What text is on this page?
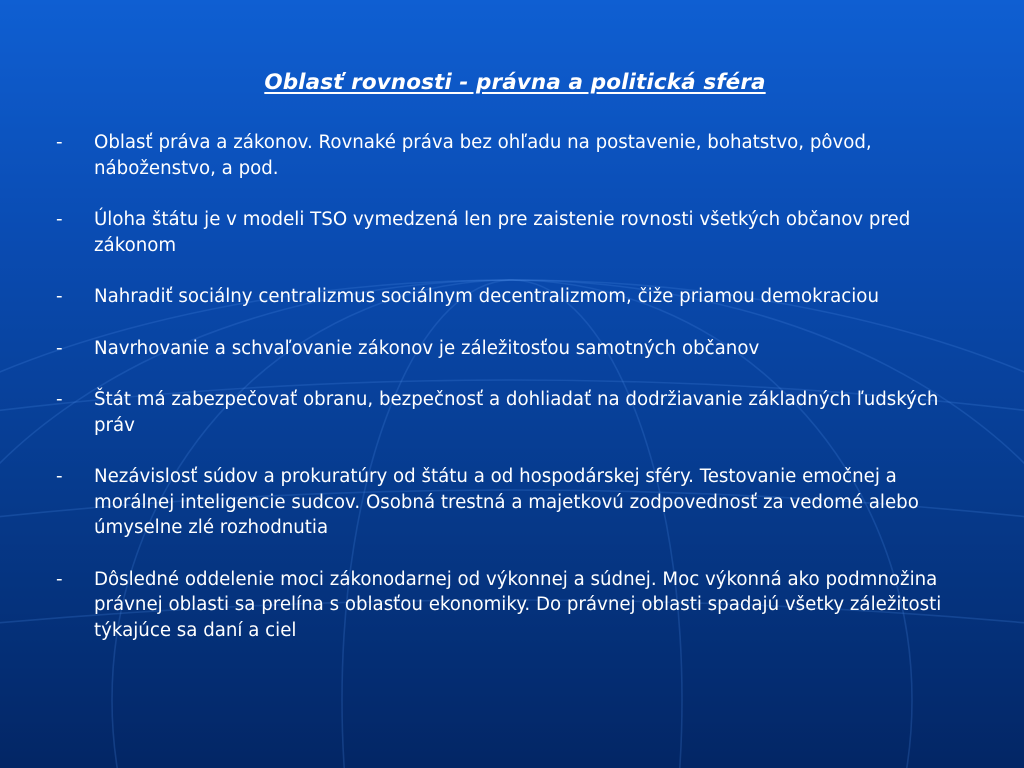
Oblasť rovnosti - právna a politická sféra
-	Oblasť práva a zákonov. Rovnaké práva bez ohľadu na postavenie, bohatstvo, pôvod, náboženstvo, a pod.
-	Úloha štátu je v modeli TSO vymedzená len pre zaistenie rovnosti všetkých občanov pred zákonom
-	Nahradiť sociálny centralizmus sociálnym decentralizmom, čiže priamou demokraciou
-	Navrhovanie a schvaľovanie zákonov je záležitosťou samotných občanov
-	Štát má zabezpečovať obranu, bezpečnosť a dohliadať na dodržiavanie základných ľudských práv
-	Nezávislosť súdov a prokuratúry od štátu a od hospodárskej sféry. Testovanie emočnej a morálnej inteligencie sudcov. Osobná trestná a majetkovú zodpovednosť za vedomé alebo úmyselne zlé rozhodnutia
-	Dôsledné oddelenie moci zákonodarnej od výkonnej a súdnej. Moc výkonná ako podmnožina právnej oblasti sa prelína s oblasťou ekonomiky. Do právnej oblasti spadajú všetky záležitosti týkajúce sa daní a ciel
